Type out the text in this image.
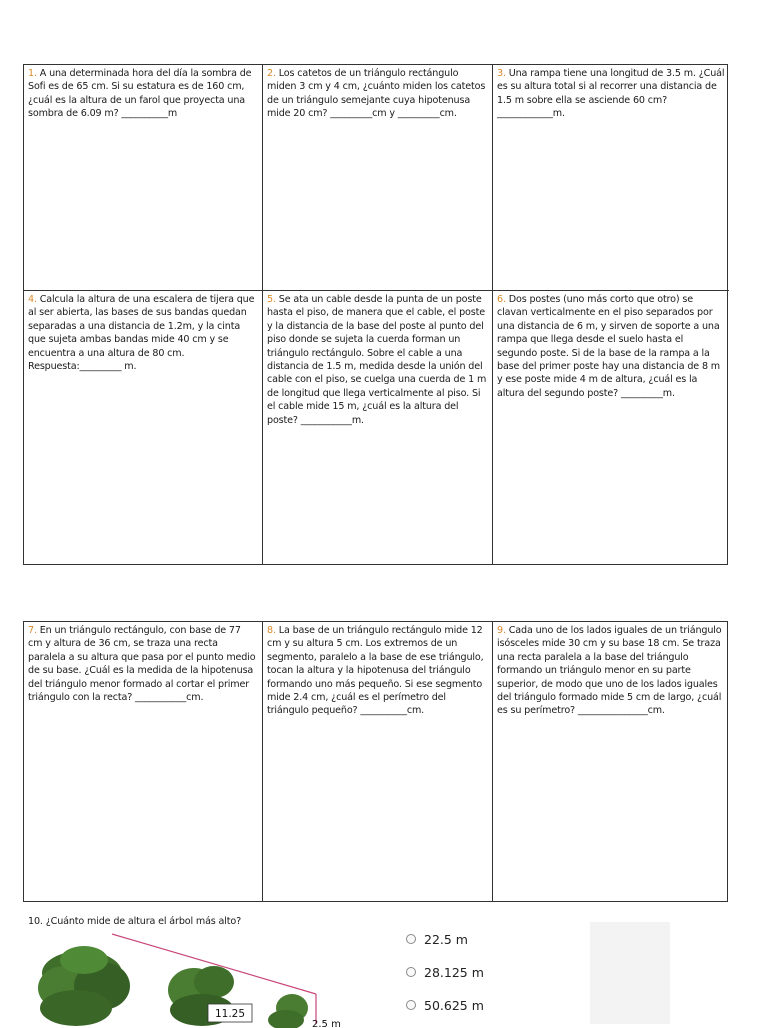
1. A una determinada hora del día la sombra de Sofi es de 65 cm. Si su estatura es de 160 cm, ¿cuál es la altura de un farol que proyecta una sombra de 6.09 m? __________m
2. Los catetos de un triángulo rectángulo miden 3 cm y 4 cm, ¿cuánto miden los catetos de un triángulo semejante cuya hipotenusa mide 20 cm? _________cm y _________cm.
3. Una rampa tiene una longitud de 3.5 m. ¿Cuál es su altura total si al recorrer una distancia de 1.5 m sobre ella se asciende 60 cm? ____________m.
4. Calcula la altura de una escalera de tijera que al ser abierta, las bases de sus bandas quedan separadas a una distancia de 1.2m, y la cinta que sujeta ambas bandas mide 40 cm y se encuentra a una altura de 80 cm. Respuesta:_________ m.
5. Se ata un cable desde la punta de un poste hasta el piso, de manera que el cable, el poste y la distancia de la base del poste al punto del piso donde se sujeta la cuerda forman un triángulo rectángulo. Sobre el cable a una distancia de 1.5 m, medida desde la unión del cable con el piso, se cuelga una cuerda de 1 m de longitud que llega verticalmente al piso. Si el cable mide 15 m, ¿cuál es la altura del poste? ___________m.
6. Dos postes (uno más corto que otro) se clavan verticalmente en el piso separados por una distancia de 6 m, y sirven de soporte a una rampa que llega desde el suelo hasta el segundo poste. Si de la base de la rampa a la base del primer poste hay una distancia de 8 m y ese poste mide 4 m de altura, ¿cuál es la altura del segundo poste? _________m.
7. En un triángulo rectángulo, con base de 77 cm y altura de 36 cm, se traza una recta paralela a su altura que pasa por el punto medio de su base. ¿Cuál es la medida de la hipotenusa del triángulo menor formado al cortar el primer triángulo con la recta? ___________cm.
8. La base de un triángulo rectángulo mide 12 cm y su altura 5 cm. Los extremos de un segmento, paralelo a la base de ese triángulo, tocan la altura y la hipotenusa del triángulo formando uno más pequeño. Si ese segmento mide 2.4 cm, ¿cuál es el perímetro del triángulo pequeño? __________cm.
9. Cada uno de los lados iguales de un triángulo isósceles mide 30 cm y su base 18 cm. Se traza una recta paralela a la base del triángulo formando un triángulo menor en su parte superior, de modo que uno de los lados iguales del triángulo formado mide 5 cm de largo, ¿cuál es su perímetro? _______________cm.
10. ¿Cuánto mide de altura el árbol más alto?
11.25
2.5 m
22.5 m
28.125 m
50.625 m
